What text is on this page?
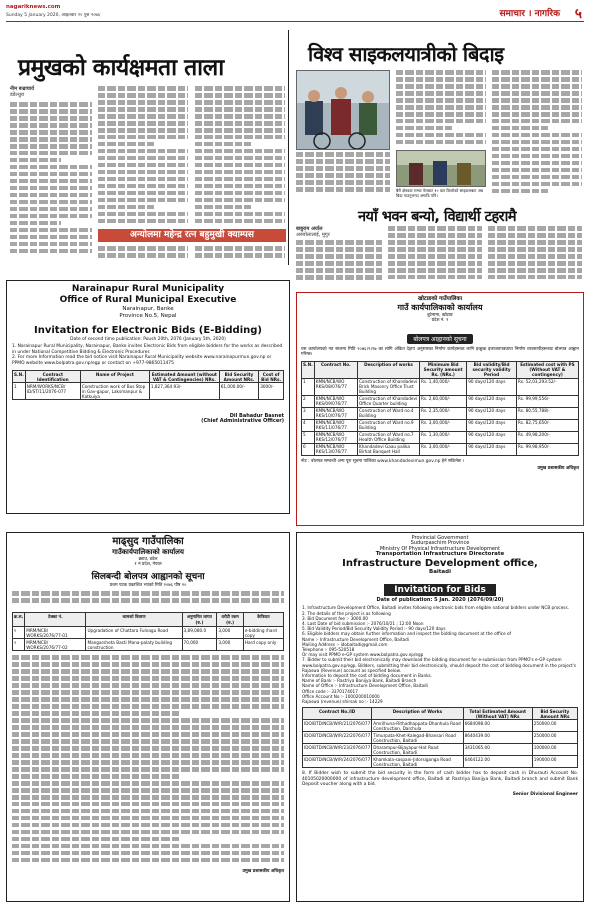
nagariknews.com
Sunday 5 January 2020, आइतबार २० पुस २०७६	समाचार । नागरिक ५
प्रमुखको कार्यक्षमता ताला
नीम बज्राचार्य
डडेल्धुरा
अन्योलमा महेन्द्र रत्न बहुमुखी क्याम्पस
विश्व साइकलयात्रीको बिदाइ
बैरी क्षेत्रबाट राम्चा पेराबाट १० वटा किलोको साइकलबाट अब बिदा पाउनुभन्दा अगाडि पनि।
नयाँ भवन बन्यो, विद्यार्थी टहरामै
बाबुराम अर्याल
अरुवोलालाई, मुगुर
खोटाङको गाउँपालिका
गाउँ कार्यपालिकाको कार्यालय
बुटेनामा, खोटाङ
प्रदेश नं. १
बोलपत्र आह्वानको सूचना
यस कार्यालयको गत सालमा मिति २०७६।९।१७ का लागि अंकित देहाय अनुसारका निर्माण कार्यहरूका लागि इच्छुक इजाजतपत्रप्राप्त निर्माण व्यवसायीहरूबाट बोलपत्र आह्वान गरिन्छ।
S.N.	Contract No.	Description of works	Minimum Bid Security amount Rs. (NRs.)	Bid validity/Bid security validity Period	Estimated cost with PS (Without VAT & contingency)
1	KMN/NCB/WO RKS/08/076/77	Construction of Khandadevi Brick Masonry Office Trust Building	Rs. 1,40,000/-	90 days/120 days	Rs. 52,03,293.52/-
2	KMN/NCB/WO RKS/09/076/77	Construction of Khandadevi Office Quarter building	Rs. 2,60,000/-	90 days/120 days	Rs. 99,99,556/-
3	KMN/NCB/WO RKS/10/076/77	Construction of Ward no.4 Building	Rs. 2,35,000/-	90 days/120 days	Rs. 80,55,788/-
4	KMN/NCB/WO RKS/11/076/77	Construction of Ward no.9 Building	Rs. 3,00,000/-	90 days/120 days	Rs. 82,75,650/-
5	KMN/NCB/WO RKS/12/076/77	Construction of Ward no.7 Health Office Building	Rs. 1,30,000/-	90 days/120 days	Rs. 49,98,200/-
6	KMN/NCB/WO RKS/13/076/77	Khandadevi Gaau palika Birhat Banquet Hall	Rs. 3,00,000/-	90 days/120 days	Rs. 99,98,950/-
नोट : बोलपत्र सम्बन्धी अन्य पूरा सूचना पालिका www.khandadevimun.gov.np हेर्न सकिनेछ ।
प्रमुख प्रशासकीय अधिकृत
Narainapur Rural Municipality
Office of Rural Municipal Executive
Narainapur, Banke
Province No.5, Nepal
Invitation for Electronic Bids (E-Bidding)
Date of second time publication: Poush 20th, 2076 (January 5th, 2020)
1. Narainapur Rural Municipality, Narainapur, Banke invites Electronic Bids from eligible bidders for the works as described in under National Competitive Bidding & Electronic Procedures
2. For more Information read the bid notice visit Narainapur Rural Municipality website www.narainapurmun.gov.np or PPMO website www.bolpatra.gov.np/egp or contact on +977-9865011475
S.N.	Contract Identification	Name of Project	Estimated Amount (without VAT & Contingencies) NRs.	Bid Security Amount NRs.	Cost of Bid NRs.
1	NRM/WORKS/NCB/ ID/ST/11/2076-077	Construction work of Bus Stop in Gav-gapur, Laksmanpur & Katkuiya	1,827,364.93/-	61,000.00/-	3000/-
Dil Bahadur Basnet
(Chief Administrative Officer)
माढ्सुद गाउँपालिका
गाउँकार्यपालिकाको कार्यालय
ढ्याउ, डडेल
१ नं प्रदेश, नेपाल
सिलबन्दी बोलपत्र आह्वानको सूचना
प्रथम पटक प्रकाशित भएको मिति २०७६ पौष २०
क्र.स.	ठेक्का नं.	कामको विवरण	अनुमानित लागत (रु.)	धरौटी रकम (रु.)	कैफियत
१	MRM/NCB/ WORKS/2076/77-01	Upgradation of Chattara Fulnagu Road	3,89,080.0	3,000	e-bidding /hard copy
२	MRM/NCB/ WORKS/2076/77-02	Mangarsheta Basti Mana-palaty building construction	70,000	3,000	Hard copy only
प्रमुख प्रशासकीय अधिकृत
Provincial Government
Sudurpaschim Province
Ministry Of Physical Infrastructure Development
Transportation Infrastructure Directorate
Infrastructure Development office,
Baitadi
Invitation for Bids
Date of publication: 5 Jan. 2020 (2076/09/20)
1. Infrastructure Development Office, Baitadi invites following electronic bids from eligible national bidders under NCB process.
2. The details of the project is as following
3. Bid Document fee :- 3000.00
4. Last Date of bid submission :- 2076/10/21 ; 12:00 Noon
5. Bid Validity Period/Bid Security Validity Period :- 90 days/120 days
6. Eligible bidders may obtain further information and inspect the bidding document at the office of
Name :- Infrastructure Development Office, Baitadi
Mailing Address :- idobaitadi@gmail.com
Telephone :- 095-520518
Or may visit PPMO e-GP system www.bolpatra.gov.np/egp
7. Bidder to submit their bid electronically may download the bidding document for e-submission from PPMO's e-GP system www.bolpatra.gov.np/egp. Bidders, submitting their bid electronically, should deposit the cost of bidding document in the project's Rajaswa (Revenue) account as specified below.
Information to deposit the cost of bidding document in Banks.
Name of Bank :- Rastriya Banijya Bank, Baitadi Branch
Name of Office :- Infrastructure Development Office, Baitadi
Office code :- 3370174017
Office Account No :- 1000200010000
Rajaswa (revenue) shirsak no :- 14229
Contract No./ID	Description of Works	Total Estimated Amount (Without VAT) NRs	Bid Security Amount NRs
IDO/BTD/NCB/W/R/21/2076/077	Amrilhuna-Rithadhappata-Dhanhula Road Construction, Darchula	6684098.00	250000.00
IDO/BTD/NCB/W/R/22/2076/077	Timurpata-Khet-Kalegad-Bhansari Road Construction, Baitadi	8640439.00	250000.00
IDO/BTD/NCB/W/R/23/2076/077	Dharampur-Bijayapur-Hat Road Construction, Baitadi	3431065.00	100000.00
IDO/BTD/NCB/W/R/24/2076/077	Khamkala-saspani-Jidorsiganga Road Construction, Baitadi	6464122.00	190000.00
8. If Bidder wish to submit the bid security in the form of cash bidder has to deposit cash in Dhurauti Account No. 40105020000000 of infrastructure development office, Baitadi at Rastriya Banijya Bank, Baitadi branch and submit Bank Deposit voucher along with a bid.
Senior Divisional Engineer
